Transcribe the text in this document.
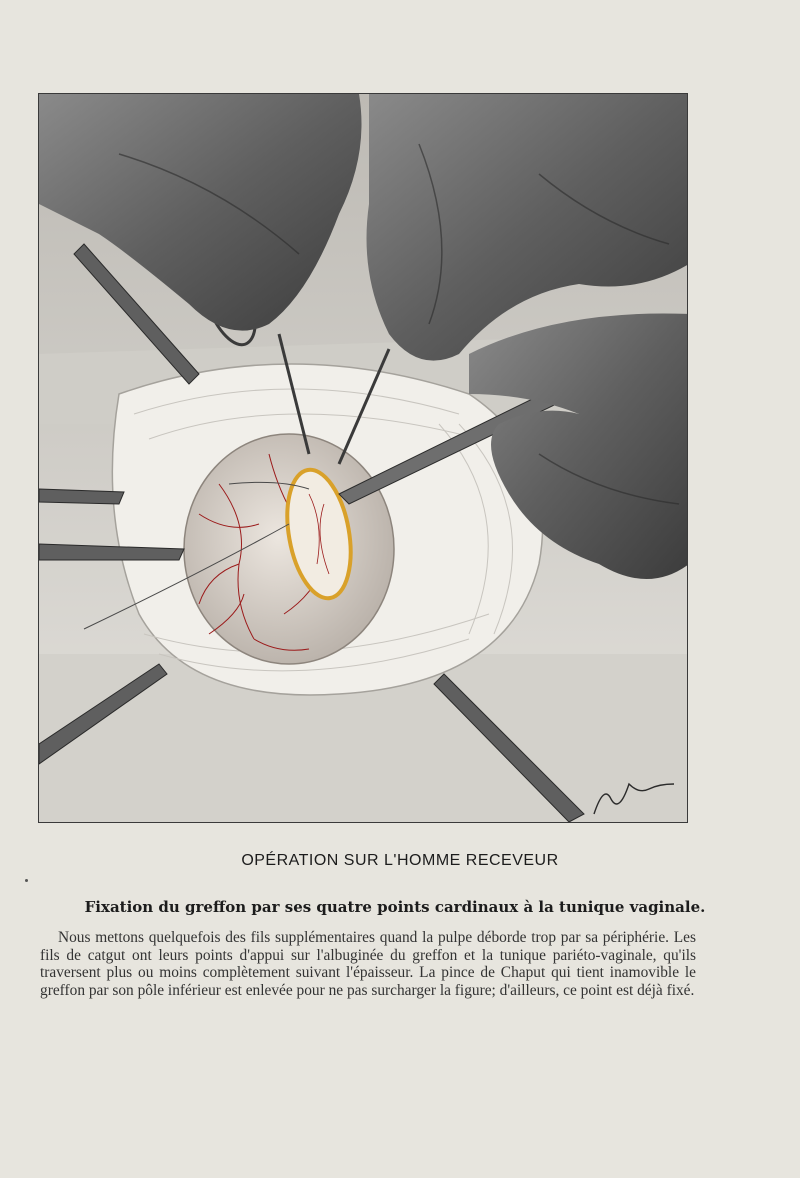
OPÉRATION SUR L'HOMME RECEVEUR
Fixation du greffon par ses quatre points cardinaux à la tunique vaginale.
Nous mettons quelquefois des fils supplémentaires quand la pulpe déborde trop par sa périphérie. Les fils de catgut ont leurs points d'appui sur l'albuginée du greffon et la tunique pariéto-vaginale, qu'ils traversent plus ou moins complètement suivant l'épaisseur. La pince de Chaput qui tient inamovible le greffon par son pôle inférieur est enlevée pour ne pas surcharger la figure; d'ailleurs, ce point est déjà fixé.
